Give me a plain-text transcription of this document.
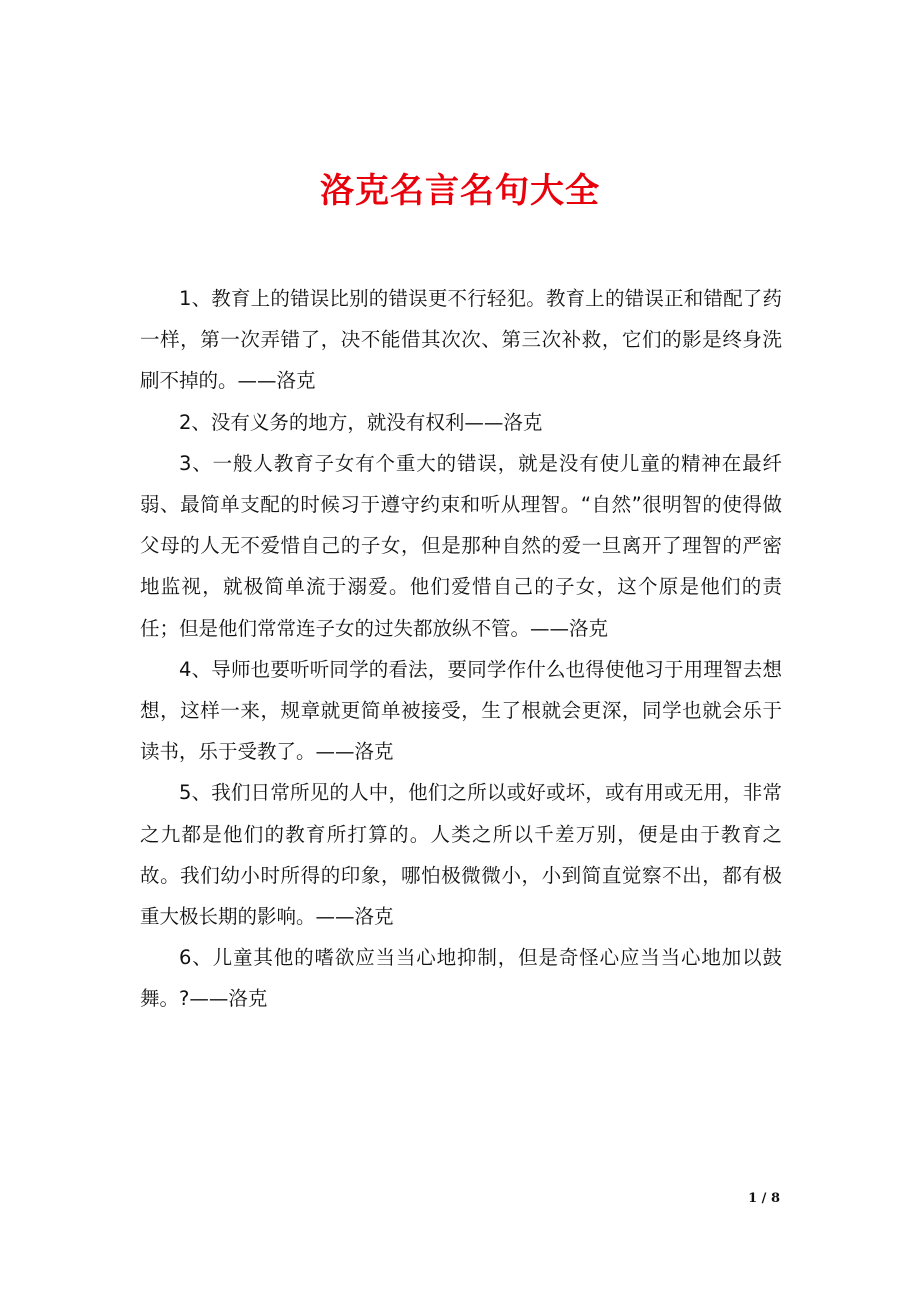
洛克名言名句大全

1、教育上的错误比别的错误更不行轻犯。教育上的错误正和错配了药一样，第一次弄错了，决不能借其次次、第三次补救，它们的影是终身洗刷不掉的。——洛克

2、没有义务的地方，就没有权利——洛克

3、一般人教育子女有个重大的错误，就是没有使儿童的精神在最纤弱、最简单支配的时候习于遵守约束和听从理智。“自然”很明智的使得做父母的人无不爱惜自己的子女，但是那种自然的爱一旦离开了理智的严密地监视，就极简单流于溺爱。他们爱惜自己的子女，这个原是他们的责任；但是他们常常连子女的过失都放纵不管。——洛克

4、导师也要听听同学的看法，要同学作什么也得使他习于用理智去想想，这样一来，规章就更简单被接受，生了根就会更深，同学也就会乐于读书，乐于受教了。——洛克

5、我们日常所见的人中，他们之所以或好或坏，或有用或无用，非常之九都是他们的教育所打算的。人类之所以千差万别，便是由于教育之故。我们幼小时所得的印象，哪怕极微微小，小到简直觉察不出，都有极重大极长期的影响。——洛克

6、儿童其他的嗜欲应当当心地抑制，但是奇怪心应当当心地加以鼓舞。?——洛克

1 / 8
